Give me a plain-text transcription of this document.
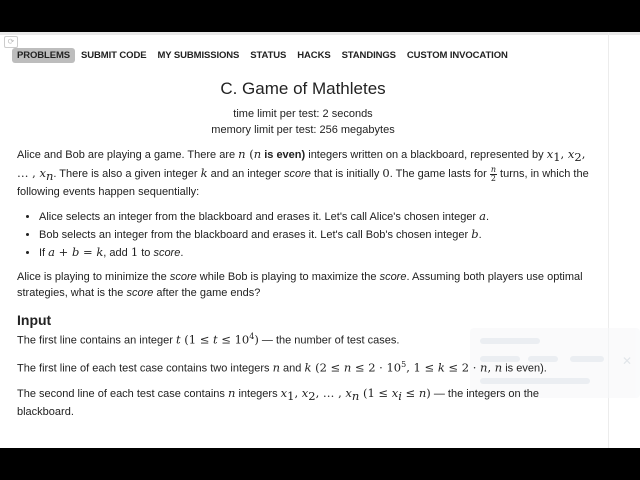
⟳
✕
PROBLEMS	SUBMIT CODE	MY SUBMISSIONS	STATUS	HACKS	STANDINGS	CUSTOM INVOCATION
C. Game of Mathletes
time limit per test: 2 seconds
memory limit per test: 256 megabytes

Alice and Bob are playing a game. There are n (n is even) integers written on a blackboard, represented by $x_1$, $x_2$, … , $x_n$. There is also a given integer k and an integer score that is initially 0. The game lasts for $\frac{n}{2}$ turns, in which the following events happen sequentially:

• Alice selects an integer from the blackboard and erases it. Let's call Alice's chosen integer a.
• Bob selects an integer from the blackboard and erases it. Let's call Bob's chosen integer b.
• If a + b = k, add 1 to score.

Alice is playing to minimize the score while Bob is playing to maximize the score. Assuming both players use optimal strategies, what is the score after the game ends?

Input

The first line contains an integer t $(1 \le t \le 10^4)$ — the number of test cases.

The first line of each test case contains two integers n and k ($2 \le n \le 2 \cdot 10^5$, 1 ≤ k ≤ 2 · n, n is even).

The second line of each test case contains n integers $x_1$, $x_2$, … , $x_n$ $(1 \le x_i \le n)$ — the integers on the blackboard.
